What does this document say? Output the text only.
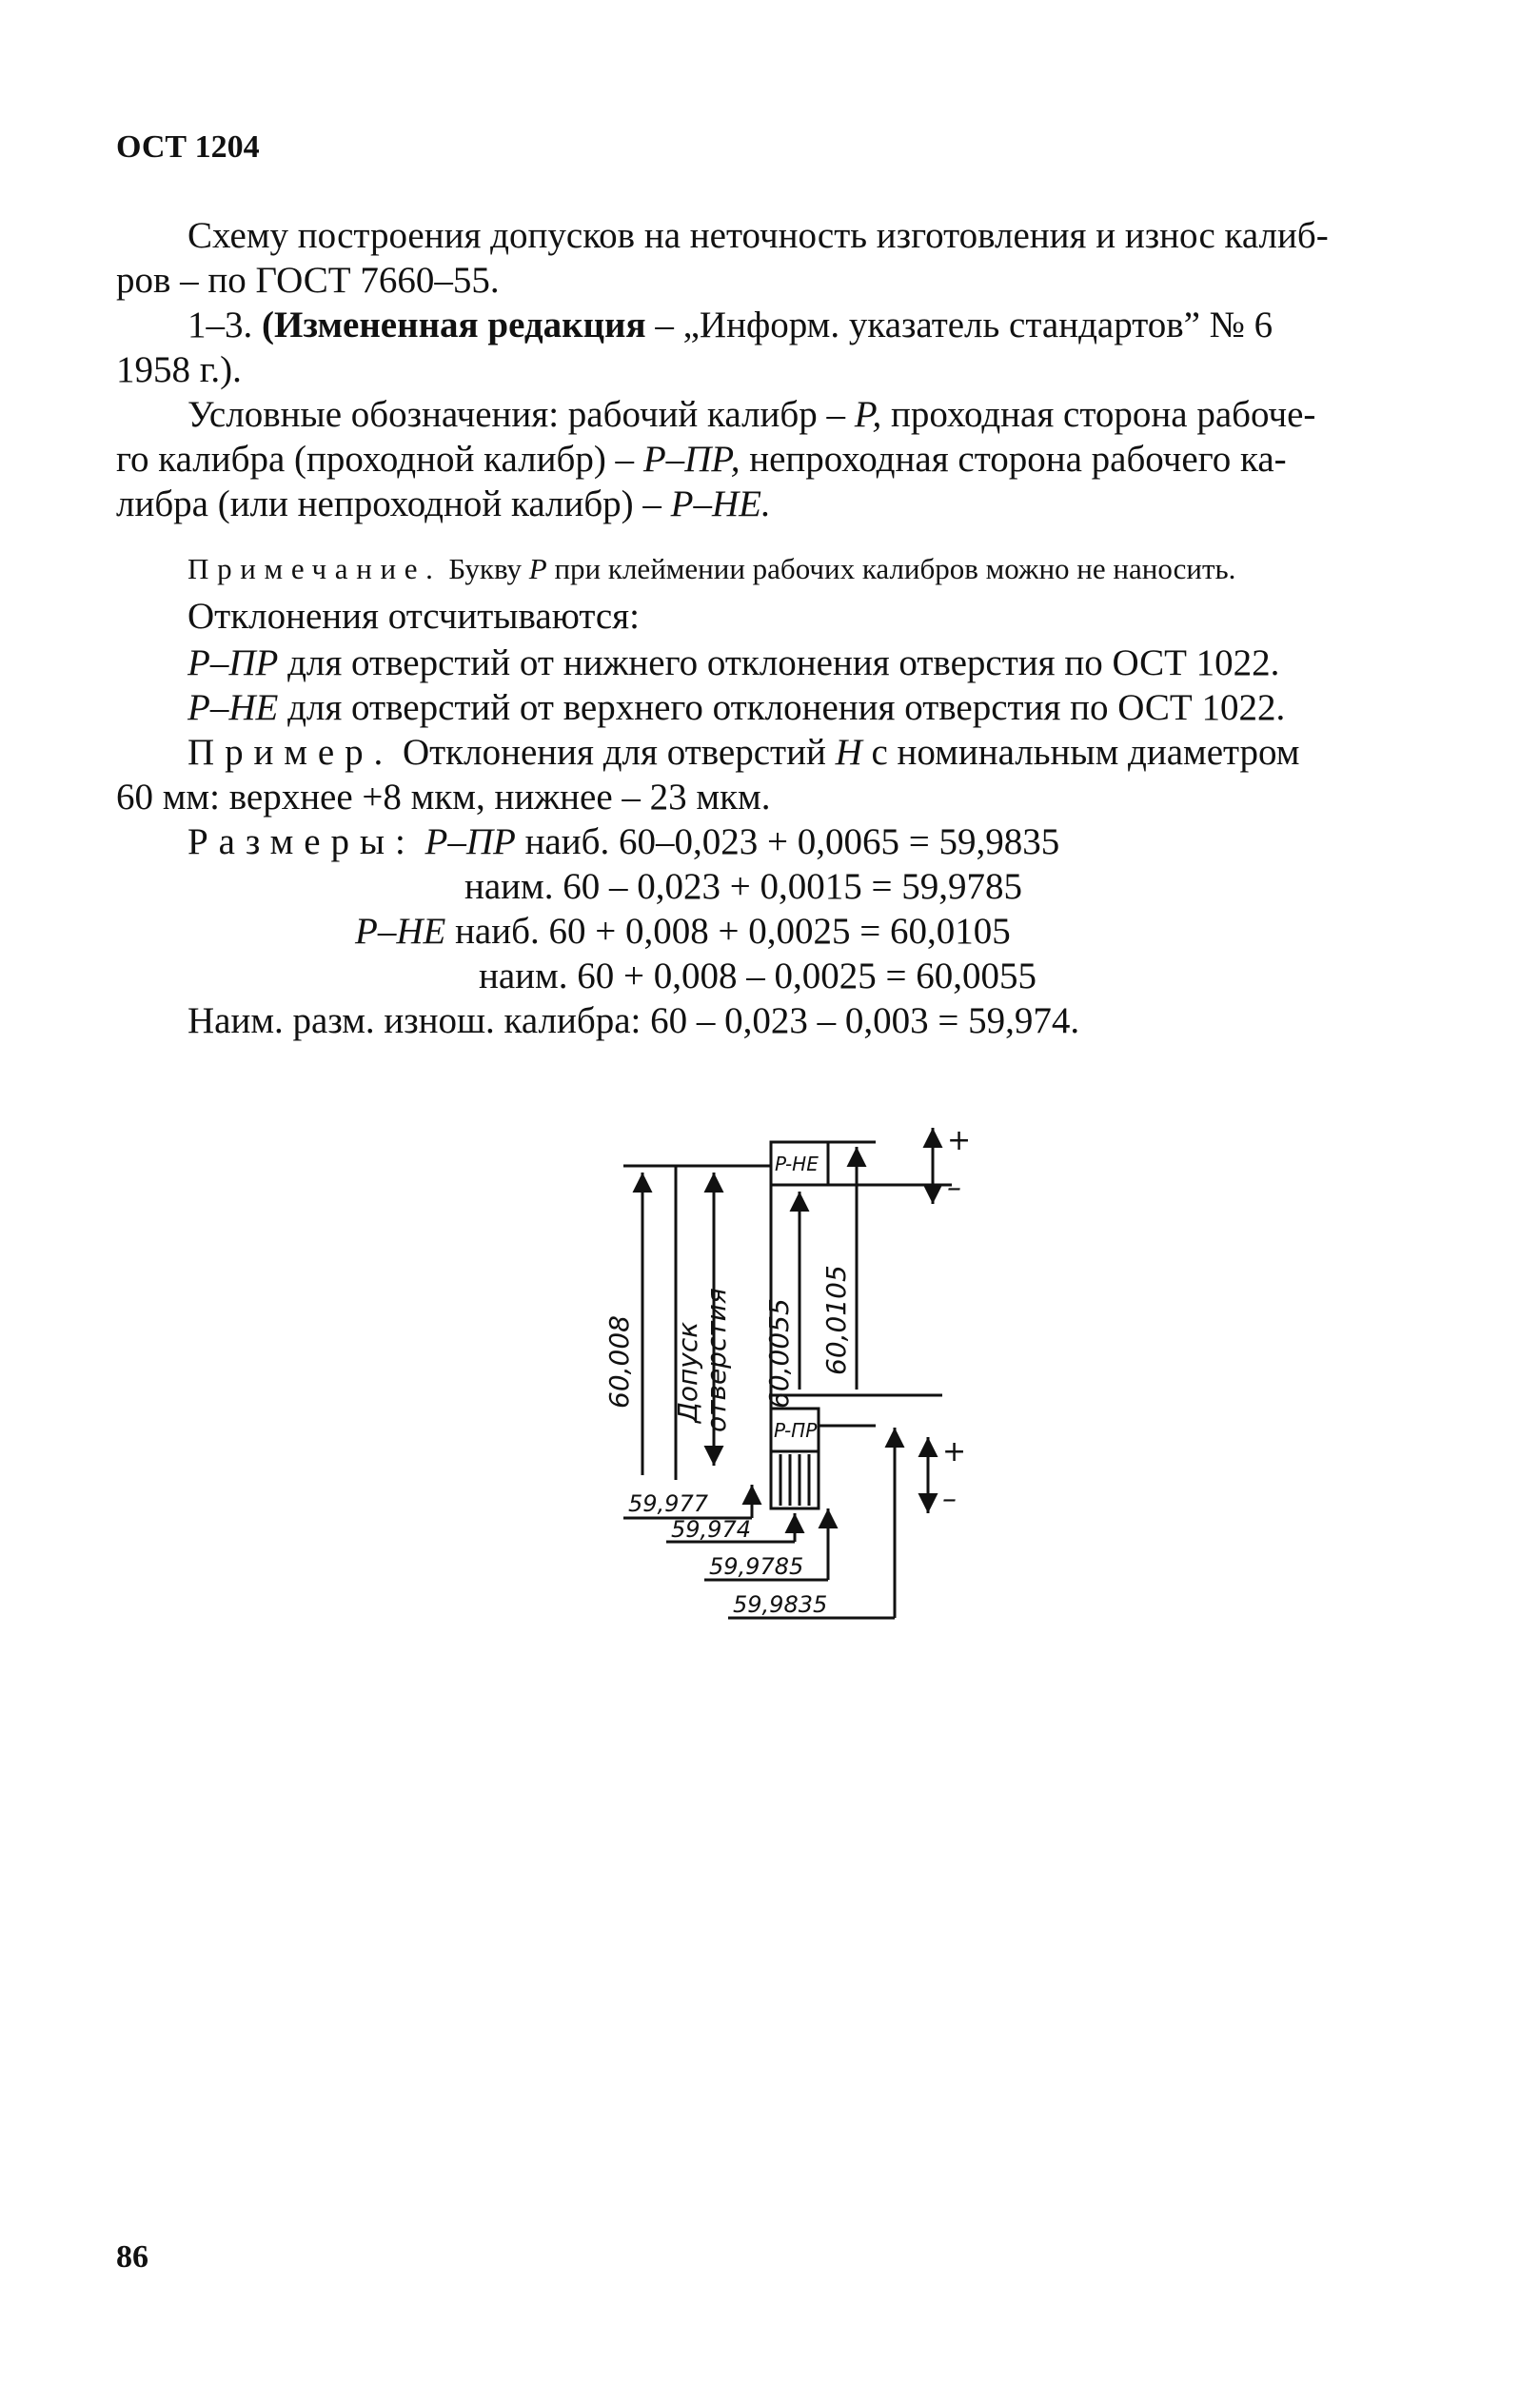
ОСТ 1204
Схему построения допусков на неточность изготовления и износ калиб-
ров – по ГОСТ 7660–55.
1–3. (Измененная редакция – „Информ. указатель стандартов” № 6
1958 г.).
Условные обозначения: рабочий калибр – P, проходная сторона рабоче-
го калибра (проходной калибр) – P–ПР, непроходная сторона рабочего ка-
либра (или непроходной калибр) – P–HE.
Примечание. Букву P при клеймении рабочих калибров можно не наносить.
Отклонения отсчитываются:
P–ПР для отверстий от нижнего отклонения отверстия по ОСТ 1022.
P–HE для отверстий от верхнего отклонения отверстия по ОСТ 1022.
Пример. Отклонения для отверстий H с номинальным диаметром
60 мм: верхнее +8 мкм, нижнее – 23 мкм.
Размеры: P–ПР наиб. 60–0,023 + 0,0065 = 59,9835
наим. 60 – 0,023 + 0,0015 = 59,9785
P–HE наиб. 60 + 0,008 + 0,0025 = 60,0105
наим. 60 + 0,008 – 0,0025 = 60,0055
Наим. разм. изнош. калибра: 60 – 0,023 – 0,003 = 59,974.
P-HE
P-ПР
+
–
+
–
60,008 Допуск
отверстия 60,0055 60,0105
59,977
59,974
59,9785
59,9835
86
